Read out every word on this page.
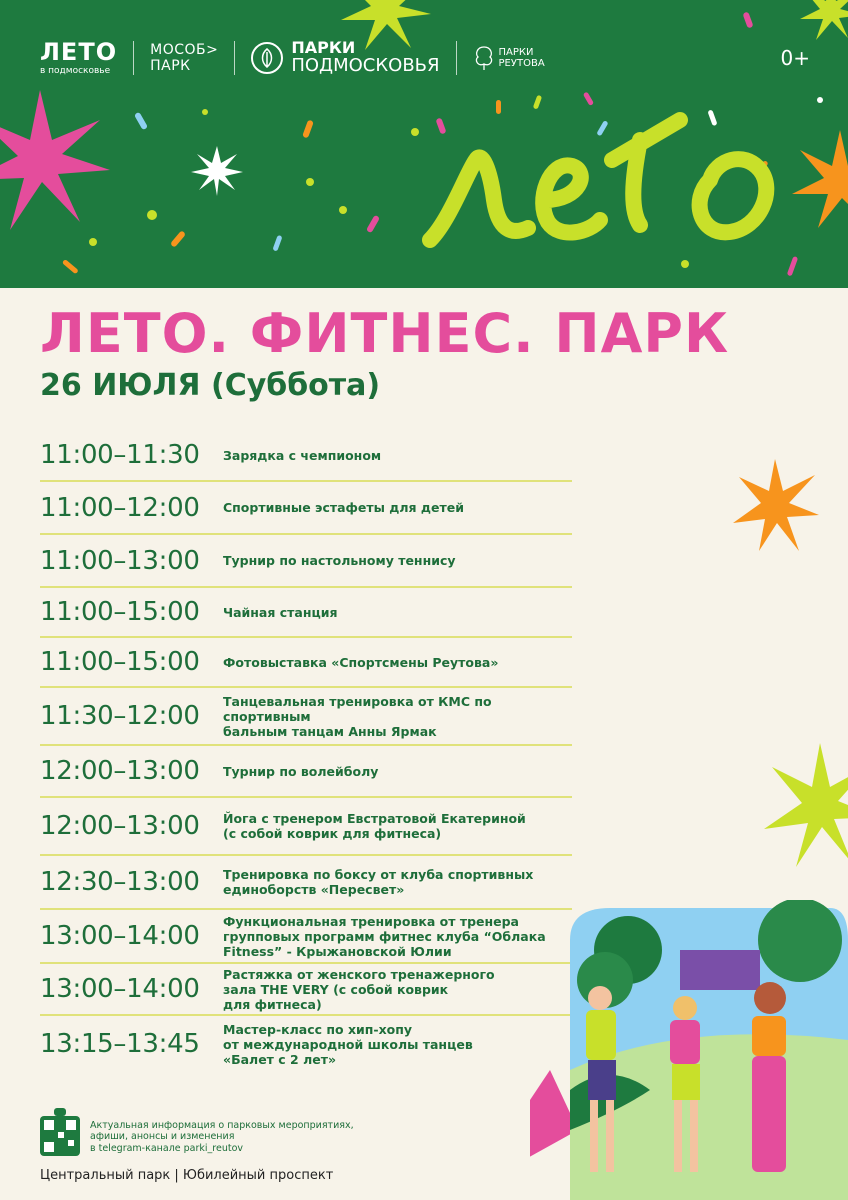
ЛЕТО
в подмосковье
МОСОБ>
ПАРК
ПАРКИ
ПОДМОСКОВЬЯ
ПАРКИ
РЕУТОВА	0+
ЛЕТО. ФИТНЕС. ПАРК
26 ИЮЛЯ (Суббота)
11:00–11:30	Зарядка с чемпионом
11:00–12:00	Спортивные эстафеты для детей
11:00–13:00	Турнир по настольному теннису
11:00–15:00	Чайная станция
11:00–15:00	Фотовыставка «Спортсмены Реутова»
11:30–12:00	Танцевальная тренировка от КМС по спортивным
бальным танцам Анны Ярмак
12:00–13:00	Турнир по волейболу
12:00–13:00	Йога с тренером Евстратовой Екатериной
(с собой коврик для фитнеса)
12:30–13:00	Тренировка по боксу от клуба спортивных
единоборств «Пересвет»
13:00–14:00	Функциональная тренировка от тренера
групповых программ фитнес клуба “Облака
Fitness” - Крыжановской Юлии
13:00–14:00	Растяжка от женского тренажерного
зала THE VERY (с собой коврик
для фитнеса)
13:15–13:45	Мастер-класс по хип-хопу
от международной школы танцев
«Балет с 2 лет»
Актуальная информация о парковых мероприятиях,
афиши, анонсы и изменения
в telegram-канале parki_reutov
Центральный парк | Юбилейный проспект
